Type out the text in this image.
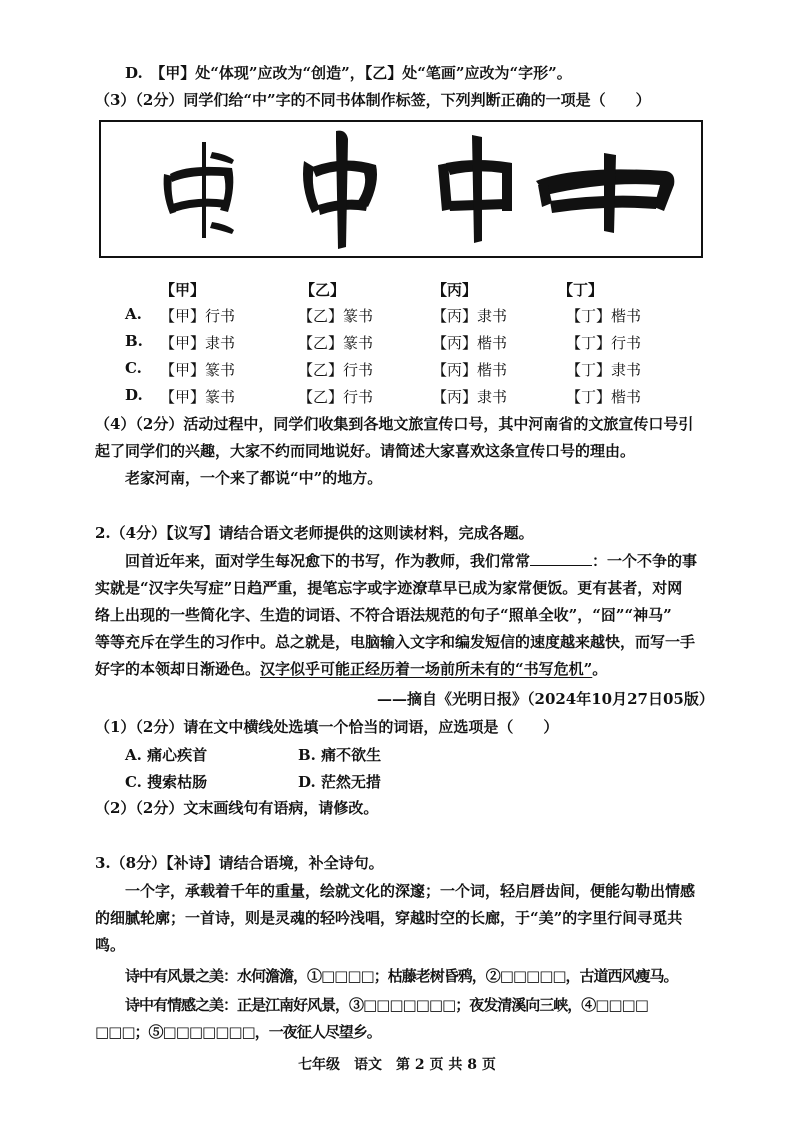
D.　【甲】处“体现”应改为“创造”，【乙】处“笔画”应改为“字形”。
（3）（2分）同学们给“中”字的不同书体制作标签，下列判断正确的一项是（　　）
【甲】	【乙】	【丙】	【丁】
A. 【甲】行书	【乙】篆书	【丙】隶书	【丁】楷书
B. 【甲】隶书	【乙】篆书	【丙】楷书	【丁】行书
C. 【甲】篆书	【乙】行书	【丙】楷书	【丁】隶书
D. 【甲】篆书	【乙】行书	【丙】隶书	【丁】楷书
（4）（2分）活动过程中，同学们收集到各地文旅宣传口号，其中河南省的文旅宣传口号引
起了同学们的兴趣，大家不约而同地说好。请简述大家喜欢这条宣传口号的理由。
老家河南，一个来了都说“中”的地方。
2.（4分）【议写】请结合语文老师提供的这则读材料，完成各题。
回首近年来，面对学生每况愈下的书写，作为教师，我们常常	：一个不争的事
实就是“汉字失写症”日趋严重，提笔忘字或字迹潦草早已成为家常便饭。更有甚者，对网
络上出现的一些简化字、生造的词语、不符合语法规范的句子“照单全收”，“囧”“神马”
等等充斥在学生的习作中。总之就是，电脑输入文字和编发短信的速度越来越快，而写一手
好字的本领却日渐逊色。汉字似乎可能正经历着一场前所未有的“书写危机”。
——摘自《光明日报》（2024年10月27日05版）
（1）（2分）请在文中横线处选填一个恰当的词语，应选项是（　　）
A. 痛心疾首	B. 痛不欲生
C. 搜索枯肠	D. 茫然无措
（2）（2分）文末画线句有语病，请修改。
3.（8分）【补诗】请结合语境，补全诗句。
一个字，承载着千年的重量，绘就文化的深邃；一个词，轻启唇齿间，便能勾勒出情感
的细腻轮廓；一首诗，则是灵魂的轻吟浅唱，穿越时空的长廊，于“美”的字里行间寻觅共
鸣。
诗中有风景之美：水何澹澹，①□□□□；枯藤老树昏鸦，②□□□□□，古道西风瘦马。
诗中有情感之美：正是江南好风景，③□□□□□□□；夜发清溪向三峡，④□□□□
□□□；⑤□□□□□□□，一夜征人尽望乡。
七年级　语文　第 2 页 共 8 页
